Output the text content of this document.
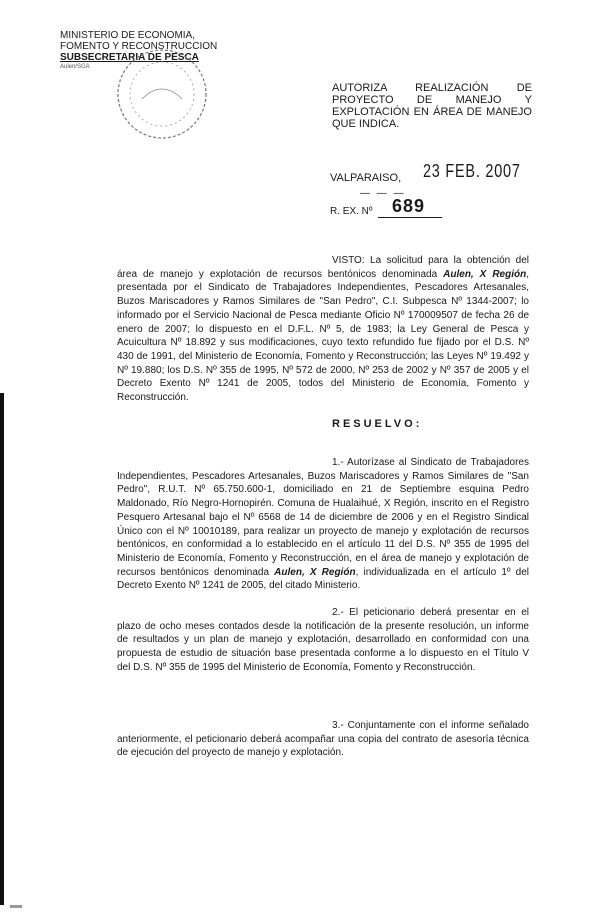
MINISTERIO DE ECONOMIA,
FOMENTO Y RECONSTRUCCION
SUBSECRETARIA DE PESCA
Aulen/SGA
AUTORIZA REALIZACIÓN DE PROYECTO DE MANEJO Y EXPLOTACIÓN EN ÁREA DE MANEJO QUE INDICA.
VALPARAISO, 23 FEB. 2007
— — —
R. EX. Nº 689

VISTO: La solicitud para la obtención del área de manejo y explotación de recursos bentónicos denominada Aulen, X Región, presentada por el Sindicato de Trabajadores Independientes, Pescadores Artesanales, Buzos Mariscadores y Ramos Similares de "San Pedro", C.I. Subpesca Nº 1344-2007; lo informado por el Servicio Nacional de Pesca mediante Oficio Nº 170009507 de fecha 26 de enero de 2007; lo dispuesto en el D.F.L. Nº 5, de 1983; la Ley General de Pesca y Acuicultura Nº 18.892 y sus modificaciones, cuyo texto refundido fue fijado por el D.S. Nº 430 de 1991, del Ministerio de Economía, Fomento y Reconstrucción; las Leyes Nº 19.492 y Nº 19.880; los D.S. Nº 355 de 1995, Nº 572 de 2000, Nº 253 de 2002 y Nº 357 de 2005 y el Decreto Exento Nº 1241 de 2005, todos del Ministerio de Economía, Fomento y Reconstrucción.

RESUELVO:

1.- Autorízase al Sindicato de Trabajadores Independientes, Pescadores Artesanales, Buzos Mariscadores y Ramos Similares de "San Pedro", R.U.T. Nº 65.750.600-1, domiciliado en 21 de Septiembre esquina Pedro Maldonado, Río Negro-Hornopirén. Comuna de Hualaihué, X Región, inscrito en el Registro Pesquero Artesanal bajo el Nº 6568 de 14 de diciembre de 2006 y en el Registro Sindical Único con el Nº 10010189, para realizar un proyecto de manejo y explotación de recursos bentónicos, en conformidad a lo establecido en el artículo 11 del D.S. Nº 355 de 1995 del Ministerio de Economía, Fomento y Reconstrucción, en el área de manejo y explotación de recursos bentónicos denominada Aulen, X Región, individualizada en el artículo 1º del Decreto Exento Nº 1241 de 2005, del citado Ministerio.

2.- El peticionario deberá presentar en el plazo de ocho meses contados desde la notificación de la presente resolución, un informe de resultados y un plan de manejo y explotación, desarrollado en conformidad con una propuesta de estudio de situación base presentada conforme a lo dispuesto en el Título V del D.S. Nº 355 de 1995 del Ministerio de Economía, Fomento y Reconstrucción.

3.- Conjuntamente con el informe señalado anteriormente, el peticionario deberá acompañar una copia del contrato de asesoría técnica de ejecución del proyecto de manejo y explotación.
